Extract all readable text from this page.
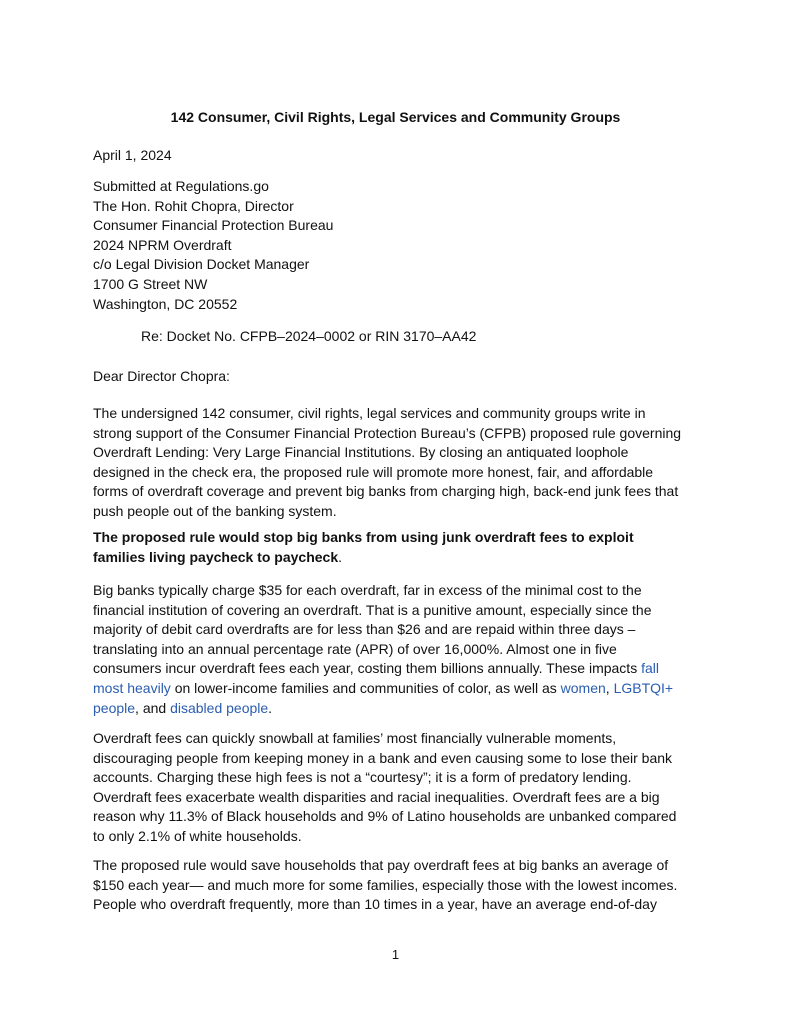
142 Consumer, Civil Rights, Legal Services and Community Groups
April 1, 2024
Submitted at Regulations.go
The Hon. Rohit Chopra, Director
Consumer Financial Protection Bureau
2024 NPRM Overdraft
c/o Legal Division Docket Manager
1700 G Street NW
Washington, DC 20552
Re: Docket No. CFPB–2024–0002 or RIN 3170–AA42
Dear Director Chopra:
The undersigned 142 consumer, civil rights, legal services and community groups write in
strong support of the Consumer Financial Protection Bureau’s (CFPB) proposed rule governing
Overdraft Lending: Very Large Financial Institutions. By closing an antiquated loophole
designed in the check era, the proposed rule will promote more honest, fair, and affordable
forms of overdraft coverage and prevent big banks from charging high, back-end junk fees that
push people out of the banking system.
The proposed rule would stop big banks from using junk overdraft fees to exploit
families living paycheck to paycheck.
Big banks typically charge $35 for each overdraft, far in excess of the minimal cost to the
financial institution of covering an overdraft. That is a punitive amount, especially since the
majority of debit card overdrafts are for less than $26 and are repaid within three days –
translating into an annual percentage rate (APR) of over 16,000%. Almost one in five
consumers incur overdraft fees each year, costing them billions annually. These impacts fall
most heavily on lower-income families and communities of color, as well as women, LGBTQI+
people, and disabled people.
Overdraft fees can quickly snowball at families’ most financially vulnerable moments,
discouraging people from keeping money in a bank and even causing some to lose their bank
accounts. Charging these high fees is not a “courtesy”; it is a form of predatory lending.
Overdraft fees exacerbate wealth disparities and racial inequalities. Overdraft fees are a big
reason why 11.3% of Black households and 9% of Latino households are unbanked compared
to only 2.1% of white households.
The proposed rule would save households that pay overdraft fees at big banks an average of
$150 each year— and much more for some families, especially those with the lowest incomes.
People who overdraft frequently, more than 10 times in a year, have an average end-of-day
1
